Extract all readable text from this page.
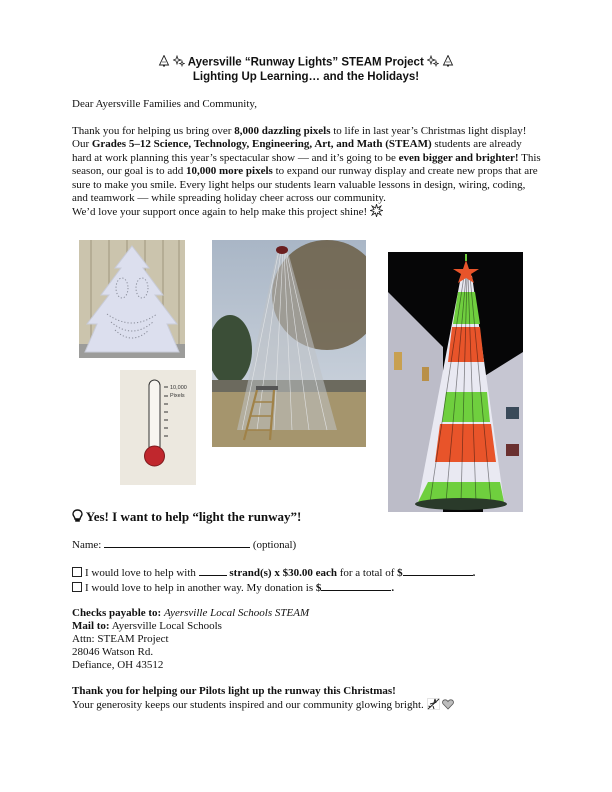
Ayersville “Runway Lights” STEAM Project
Lighting Up Learning… and the Holidays!
Dear Ayersville Families and Community,
Thank you for helping us bring over 8,000 dazzling pixels to life in last year’s Christmas light display! Our Grades 5–12 Science, Technology, Engineering, Art, and Math (STEAM) students are already hard at work planning this year’s spectacular show — and it’s going to be even bigger and brighter! This season, our goal is to add 10,000 more pixels to expand our runway display and create new props that are sure to make you smile. Every light helps our students learn valuable lessons in design, wiring, coding, and teamwork — while spreading holiday cheer across our community.
We’d love your support once again to help make this project shine!
10,000
Pixels
Yes! I want to help “light the runway”!
Name:	(optional)
I would love to help with	strand(s) x $30.00 each for a total of $	.
I would love to help in another way. My donation is $	.
Checks payable to: Ayersville Local Schools STEAM
Mail to: Ayersville Local Schools
Attn: STEAM Project
28046 Watson Rd.
Defiance, OH 43512
Thank you for helping our Pilots light up the runway this Christmas!
Your generosity keeps our students inspired and our community glowing bright.
